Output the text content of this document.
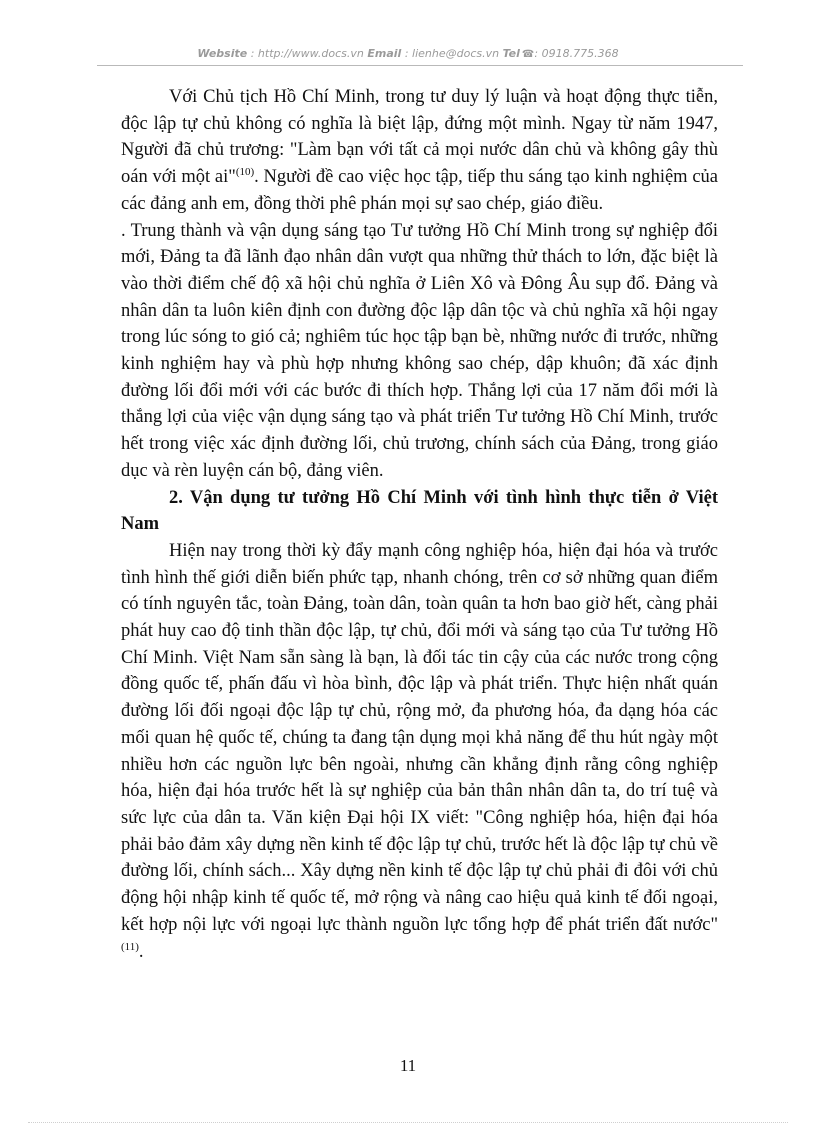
Website : http://www.docs.vn Email : lienhe@docs.vn Tel ☎: 0918.775.368

Với Chủ tịch Hồ Chí Minh, trong tư duy lý luận và hoạt động thực tiễn, độc lập tự chủ không có nghĩa là biệt lập, đứng một mình. Ngay từ năm 1947, Người đã chủ trương: "Làm bạn với tất cả mọi nước dân chủ và không gây thù oán với một ai"$^{(10)}$. Người đề cao việc học tập, tiếp thu sáng tạo kinh nghiệm của các đảng anh em, đồng thời phê phán mọi sự sao chép, giáo điều.

. Trung thành và vận dụng sáng tạo Tư tưởng Hồ Chí Minh trong sự nghiệp đổi mới, Đảng ta đã lãnh đạo nhân dân vượt qua những thử thách to lớn, đặc biệt là vào thời điểm chế độ xã hội chủ nghĩa ở Liên Xô và Đông Âu sụp đổ. Đảng và nhân dân ta luôn kiên định con đường độc lập dân tộc và chủ nghĩa xã hội ngay trong lúc sóng to gió cả; nghiêm túc học tập bạn bè, những nước đi trước, những kinh nghiệm hay và phù hợp nhưng không sao chép, dập khuôn; đã xác định đường lối đổi mới với các bước đi thích hợp. Thắng lợi của 17 năm đổi mới là thắng lợi của việc vận dụng sáng tạo và phát triển Tư tưởng Hồ Chí Minh, trước hết trong việc xác định đường lối, chủ trương, chính sách của Đảng, trong giáo dục và rèn luyện cán bộ, đảng viên.

2. Vận dụng tư tưởng Hồ Chí Minh với tình hình thực tiễn ở Việt Nam

Hiện nay trong thời kỳ đẩy mạnh công nghiệp hóa, hiện đại hóa và trước tình hình thế giới diễn biến phức tạp, nhanh chóng, trên cơ sở những quan điểm có tính nguyên tắc, toàn Đảng, toàn dân, toàn quân ta hơn bao giờ hết, càng phải phát huy cao độ tinh thần độc lập, tự chủ, đổi mới và sáng tạo của Tư tưởng Hồ Chí Minh. Việt Nam sẵn sàng là bạn, là đối tác tin cậy của các nước trong cộng đồng quốc tế, phấn đấu vì hòa bình, độc lập và phát triển. Thực hiện nhất quán đường lối đối ngoại độc lập tự chủ, rộng mở, đa phương hóa, đa dạng hóa các mối quan hệ quốc tế, chúng ta đang tận dụng mọi khả năng để thu hút ngày một nhiều hơn các nguồn lực bên ngoài, nhưng cần khẳng định rằng công nghiệp hóa, hiện đại hóa trước hết là sự nghiệp của bản thân nhân dân ta, do trí tuệ và sức lực của dân ta. Văn kiện Đại hội IX viết: "Công nghiệp hóa, hiện đại hóa phải bảo đảm xây dựng nền kinh tế độc lập tự chủ, trước hết là độc lập tự chủ về đường lối, chính sách... Xây dựng nền kinh tế độc lập tự chủ phải đi đôi với chủ động hội nhập kinh tế quốc tế, mở rộng và nâng cao hiệu quả kinh tế đối ngoại, kết hợp nội lực với ngoại lực thành nguồn lực tổng hợp để phát triển đất nước"$^{(11)}$.

11
